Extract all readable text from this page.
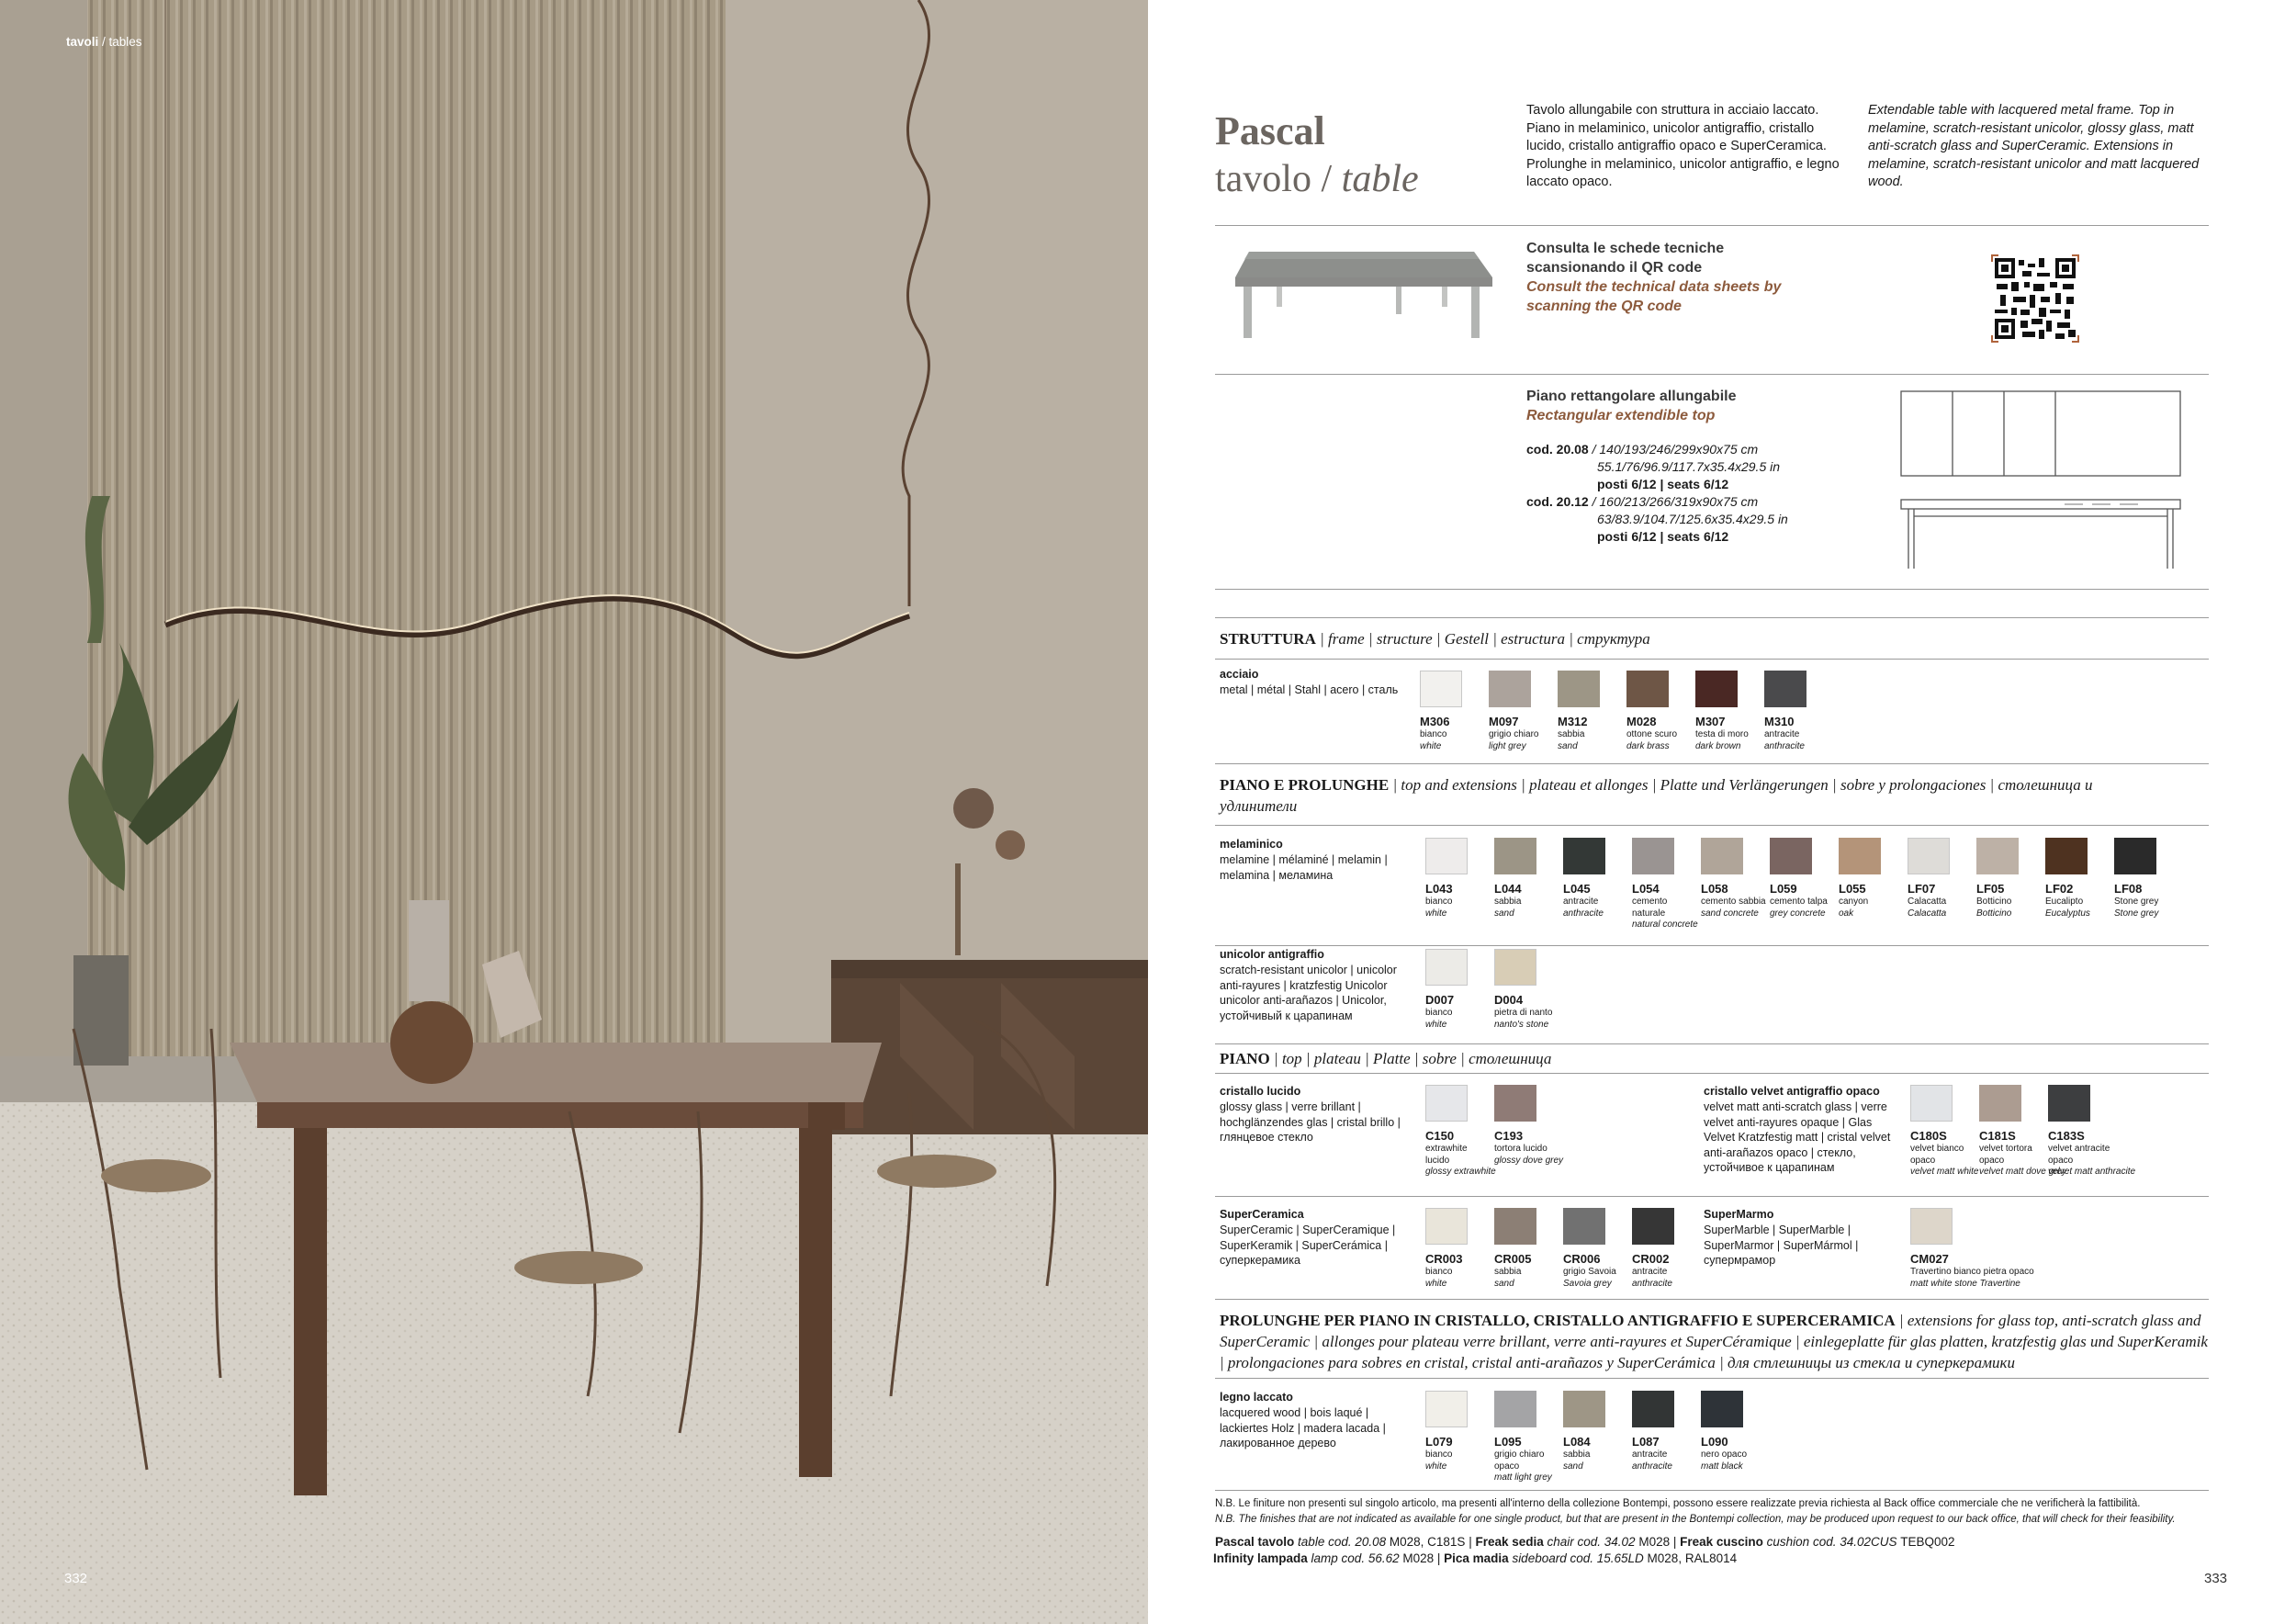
tavoli / tables
332
Pascal
tavolo / table
Tavolo allungabile con struttura in acciaio laccato. Piano in melaminico, unicolor antigraffio, cristallo lucido, cristallo antigraffio opaco e SuperCeramica. Prolunghe in melaminico, unicolor antigraffio, e legno laccato opaco.
Extendable table with lacquered metal frame. Top in melamine, scratch-resistant unicolor, glossy glass, matt anti-scratch glass and SuperCeramic. Extensions in melamine, scratch-resistant unicolor and matt lacquered wood.
Consulta le schede tecniche scansionando il QR code
Consult the technical data sheets by scanning the QR code
Piano rettangolare allungabile
Rectangular extendible top
cod. 20.08 / 140/193/246/299x90x75 cm
55.1/76/96.9/117.7x35.4x29.5 in
posti 6/12 | seats 6/12
cod. 20.12 / 160/213/266/319x90x75 cm
63/83.9/104.7/125.6x35.4x29.5 in
posti 6/12 | seats 6/12
STRUTTURA | frame | structure | Gestell | estructura | структура
acciaio
metal | métal | Stahl | acero | сталь
PIANO E PROLUNGHE | top and extensions | plateau et allonges | Platte und Verlängerungen | sobre y prolongaciones | столешница и удлинители
melaminico
melamine | mélaminé | melamin | melamina | меламина
unicolor antigraffio
scratch-resistant unicolor | unicolor anti-rayures | kratzfestig Unicolor unicolor anti-arañazos | Unicolor, устойчивый к царапинам
PIANO | top | plateau | Platte | sobre | столешница
cristallo lucido
glossy glass | verre brillant | hochglänzendes glas | cristal brillo | глянцевое стекло
cristallo velvet antigraffio opaco
velvet matt anti-scratch glass | verre velvet anti-rayures opaque | Glas Velvet Kratzfestig matt | cristal velvet anti-arañazos opaco | стекло, устойчивое к царапинам
SuperCeramica
SuperCeramic | SuperCeramique | SuperKeramik | SuperCerámica | суперкерамика
SuperMarmo
SuperMarble | SuperMarble | SuperMarmor | SuperMármol | супермрамор
PROLUNGHE PER PIANO IN CRISTALLO, CRISTALLO ANTIGRAFFIO E SUPERCERAMICA | extensions for glass top, anti-scratch glass and SuperCeramic | allonges pour plateau verre brillant, verre anti-rayures et SuperCéramique | einlegeplatte für glas platten, kratzfestig glas und SuperKeramik | prolongaciones para sobres en cristal, cristal anti-arañazos y SuperCerámica | для стлешницы из стекла и суперкерамики
legno laccato
lacquered wood | bois laqué | lackiertes Holz | madera lacada | лакированное дерево
N.B. Le finiture non presenti sul singolo articolo, ma presenti all'interno della collezione Bontempi, possono essere realizzate previa richiesta al Back office commerciale che ne verificherà la fattibilità.
N.B. The finishes that are not indicated as available for one single product, but that are present in the Bontempi collection, may be produced upon request to our back office, that will check for their feasibility.
Pascal tavolo table cod. 20.08 M028, C181S | Freak sedia chair cod. 34.02 M028 | Freak cuscino cushion cod. 34.02CUS TEBQ002
Infinity lampada lamp cod. 56.62 M028 | Pica madia sideboard cod. 15.65LD M028, RAL8014
333
M306
bianco
white
M097
grigio chiaro
light grey
M312
sabbia
sand
M028
ottone scuro
dark brass
M307
testa di moro
dark brown
M310
antracite
anthracite
L043
bianco
white
L044
sabbia
sand
L045
antracite
anthracite
L054
cemento naturale
natural concrete
L058
cemento sabbia
sand concrete
L059
cemento talpa
grey concrete
L055
canyon
oak
LF07
Calacatta
Calacatta
LF05
Botticino
Botticino
LF02
Eucalipto
Eucalyptus
LF08
Stone grey
Stone grey
D007
bianco
white
D004
pietra di nanto
nanto's stone
C150
extrawhite lucido
glossy extrawhite
C193
tortora lucido
glossy dove grey
C180S
velvet bianco opaco
velvet matt white
C181S
velvet tortora opaco
velvet matt dove grey
C183S
velvet antracite opaco
velvet matt anthracite
CR003
bianco
white
CR005
sabbia
sand
CR006
grigio Savoia
Savoia grey
CR002
antracite
anthracite
CM027
Travertino bianco pietra opaco
matt white stone Travertine
L079
bianco
white
L095
grigio chiaro opaco
matt light grey
L084
sabbia
sand
L087
antracite
anthracite
L090
nero opaco
matt black
